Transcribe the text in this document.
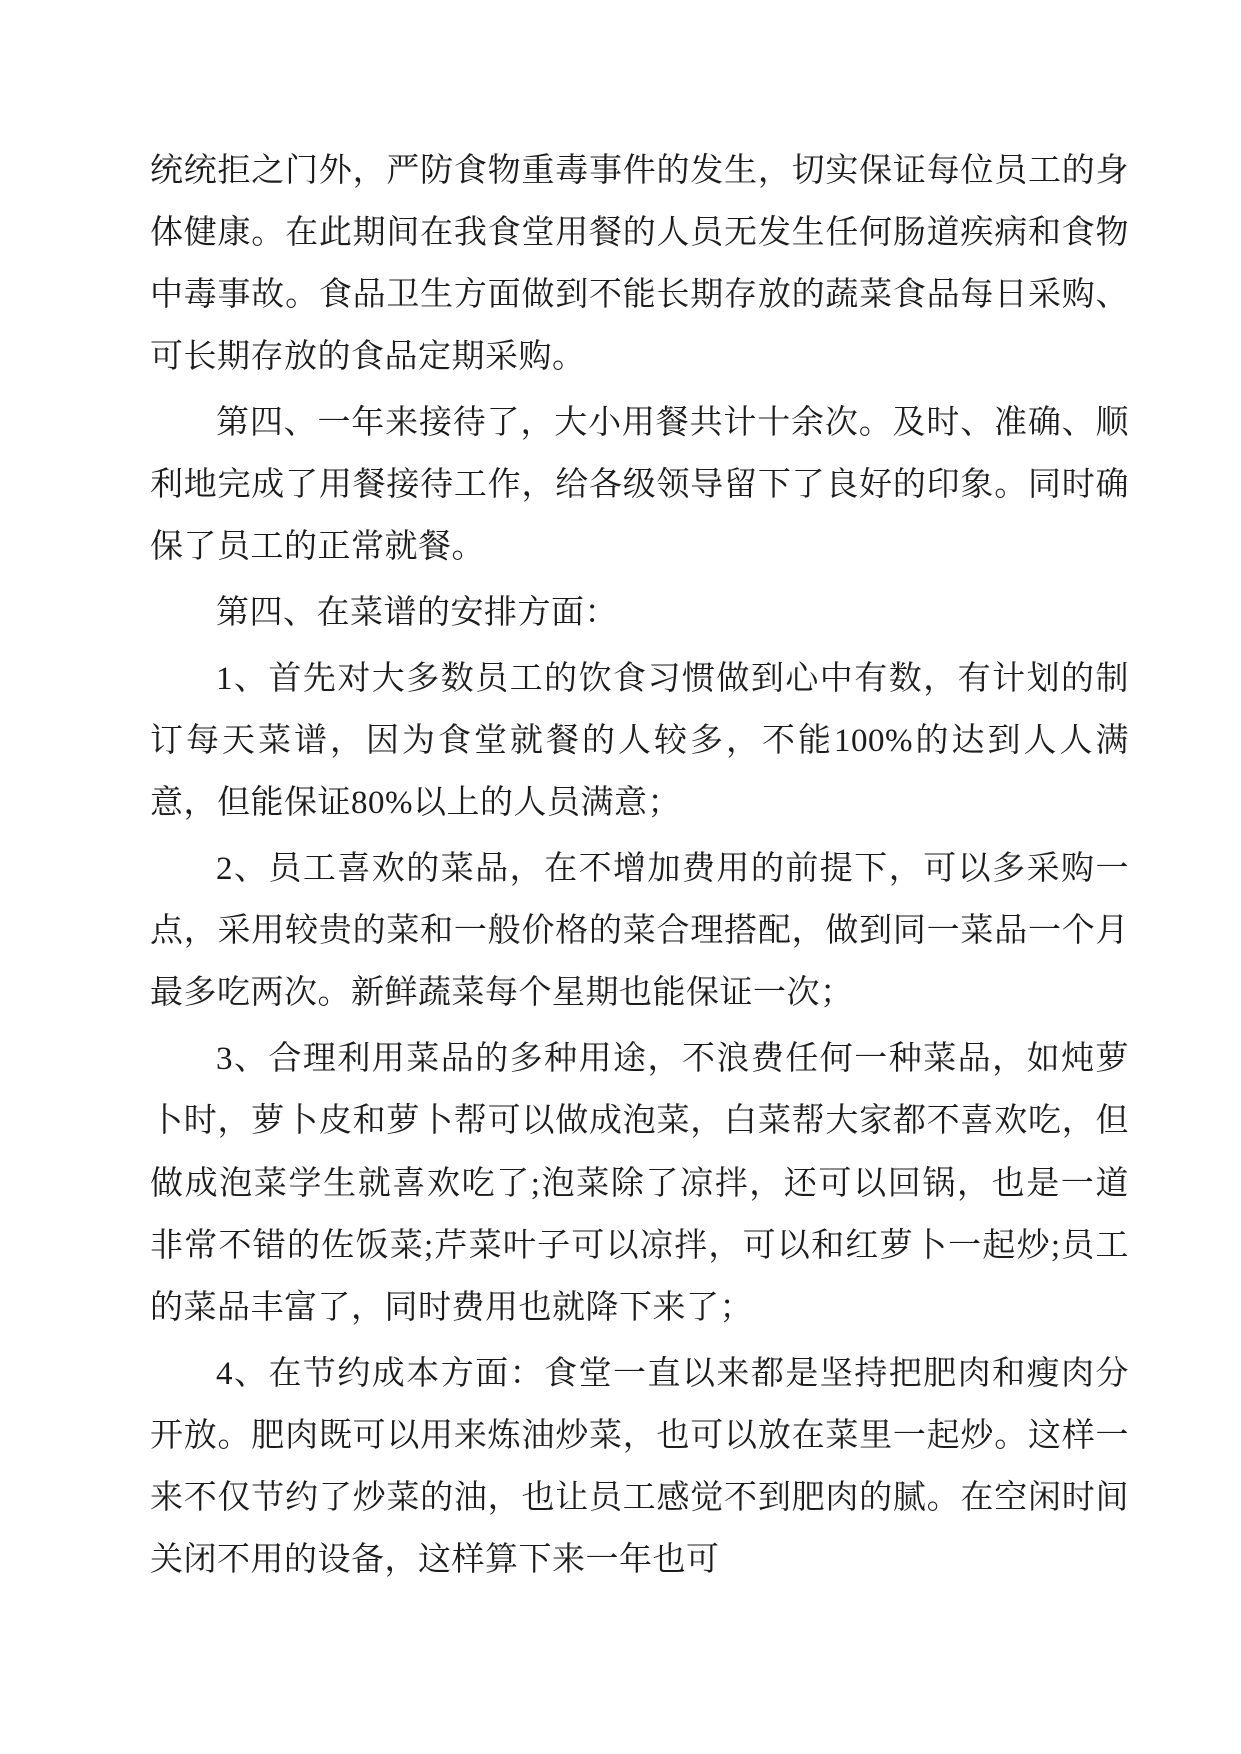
统统拒之门外，严防食物重毒事件的发生，切实保证每位员工的身体健康。在此期间在我食堂用餐的人员无发生任何肠道疾病和食物中毒事故。食品卫生方面做到不能长期存放的蔬菜食品每日采购、可长期存放的食品定期采购。

第四、一年来接待了，大小用餐共计十余次。及时、准确、顺利地完成了用餐接待工作，给各级领导留下了良好的印象。同时确保了员工的正常就餐。

第四、在菜谱的安排方面：

1、首先对大多数员工的饮食习惯做到心中有数，有计划的制订每天菜谱，因为食堂就餐的人较多，不能100%的达到人人满意，但能保证80%以上的人员满意；

2、员工喜欢的菜品，在不增加费用的前提下，可以多采购一点，采用较贵的菜和一般价格的菜合理搭配，做到同一菜品一个月最多吃两次。新鲜蔬菜每个星期也能保证一次；

3、合理利用菜品的多种用途，不浪费任何一种菜品，如炖萝卜时，萝卜皮和萝卜帮可以做成泡菜，白菜帮大家都不喜欢吃，但做成泡菜学生就喜欢吃了;泡菜除了凉拌，还可以回锅，也是一道非常不错的佐饭菜;芹菜叶子可以凉拌，可以和红萝卜一起炒;员工的菜品丰富了，同时费用也就降下来了；

4、在节约成本方面：食堂一直以来都是坚持把肥肉和瘦肉分开放。肥肉既可以用来炼油炒菜，也可以放在菜里一起炒。这样一来不仅节约了炒菜的油，也让员工感觉不到肥肉的腻。在空闲时间关闭不用的设备，这样算下来一年也可
